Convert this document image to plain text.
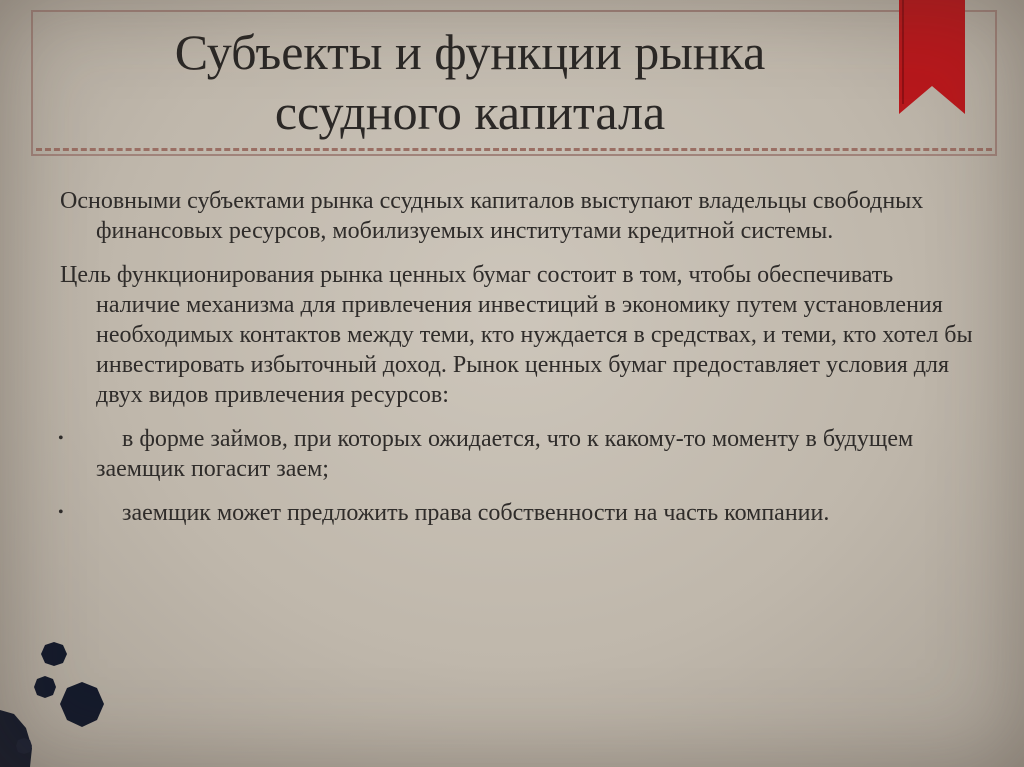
Субъекты и функции рынка
ссудного капитала

Основными субъектами рынка ссудных капиталов выступают владельцы свободных финансовых ресурсов, мобилизуемых институтами кредитной системы.

Цель функционирования рынка ценных бумаг состоит в том, чтобы обеспечивать наличие механизма для привлечения инвестиций в экономику путем установления необходимых контактов между теми, кто нуждается в средствах, и теми, кто хотел бы инвестировать избыточный доход. Рынок ценных бумаг предоставляет условия для двух видов привлечения ресурсов:

•	в форме займов, при которых ожидается, что к какому-то моменту в будущем заемщик погасит заем;
•	заемщик может предложить права собственности на часть компании.
